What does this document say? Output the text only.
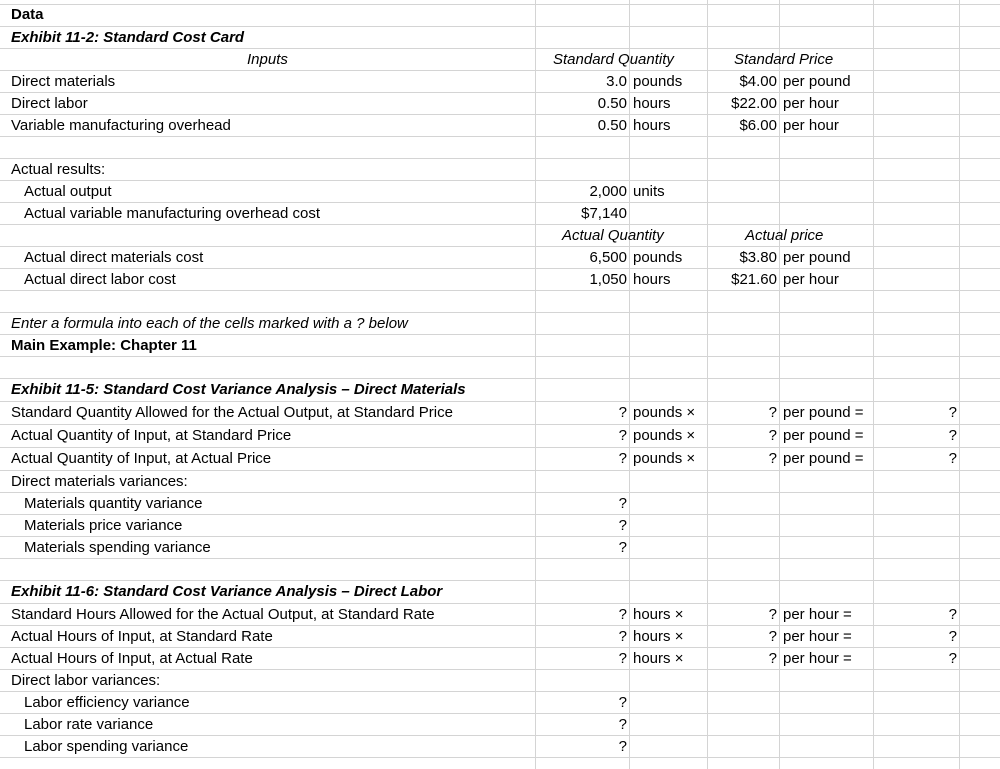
Data
Exhibit 11-2: Standard Cost Card
Inputs	Standard Quantity	Standard Price
Direct materials	3.0 pounds	$4.00 per pound
Direct labor	0.50 hours	$22.00 per hour
Variable manufacturing overhead	0.50 hours	$6.00 per hour
Actual results:
Actual output	2,000 units
Actual variable manufacturing overhead cost	$7,140
Actual Quantity	Actual price
Actual direct materials cost	6,500 pounds	$3.80 per pound
Actual direct labor cost	1,050 hours	$21.60 per hour
Enter a formula into each of the cells marked with a ? below
Main Example: Chapter 11
Exhibit 11-5: Standard Cost Variance Analysis – Direct Materials
Standard Quantity Allowed for the Actual Output, at Standard Price	? pounds ×	? per pound =	?
Actual Quantity of Input, at Standard Price	? pounds ×	? per pound =	?
Actual Quantity of Input, at Actual Price	? pounds ×	? per pound =	?
Direct materials variances:
Materials quantity variance	?
Materials price variance	?
Materials spending variance	?
Exhibit 11-6: Standard Cost Variance Analysis – Direct Labor
Standard Hours Allowed for the Actual Output, at Standard Rate	? hours ×	? per hour =	?
Actual Hours of Input, at Standard Rate	? hours ×	? per hour =	?
Actual Hours of Input, at Actual Rate	? hours ×	? per hour =	?
Direct labor variances:
Labor efficiency variance	?
Labor rate variance	?
Labor spending variance	?
